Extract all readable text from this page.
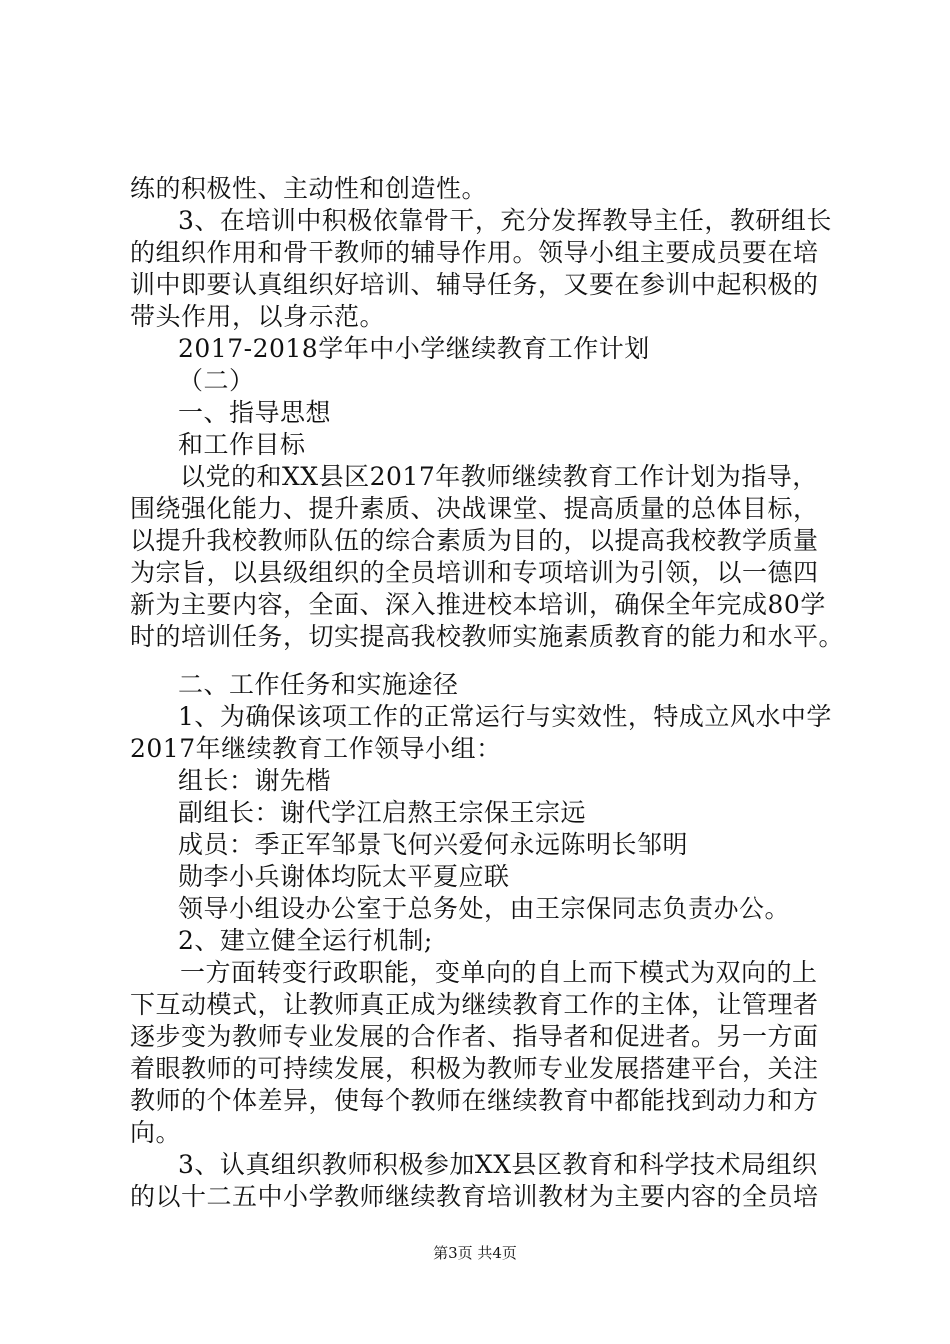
练的积极性、主动性和创造性。
3、在培训中积极依靠骨干，充分发挥教导主任，教研组长
的组织作用和骨干教师的辅导作用。领导小组主要成员要在培
训中即要认真组织好培训、辅导任务，又要在参训中起积极的
带头作用，以身示范。
2017-2018学年中小学继续教育工作计划
（二）
一、指导思想
和工作目标
以党的和XX县区2017年教师继续教育工作计划为指导，
围绕强化能力、提升素质、决战课堂、提高质量的总体目标，
以提升我校教师队伍的综合素质为目的，以提高我校教学质量
为宗旨，以县级组织的全员培训和专项培训为引领，以一德四
新为主要内容，全面、深入推进校本培训，确保全年完成80学
时的培训任务，切实提高我校教师实施素质教育的能力和水平。
二、工作任务和实施途径
1、为确保该项工作的正常运行与实效性，特成立风水中学
2017年继续教育工作领导小组：
组长：谢先楷
副组长：谢代学江启熬王宗保王宗远
成员：季正军邹景飞何兴爱何永远陈明长邹明
勋李小兵谢体均阮太平夏应联
领导小组设办公室于总务处，由王宗保同志负责办公。
2、建立健全运行机制;
一方面转变行政职能，变单向的自上而下模式为双向的上
下互动模式，让教师真正成为继续教育工作的主体，让管理者
逐步变为教师专业发展的合作者、指导者和促进者。另一方面
着眼教师的可持续发展，积极为教师专业发展搭建平台，关注
教师的个体差异，使每个教师在继续教育中都能找到动力和方
向。
3、认真组织教师积极参加XX县区教育和科学技术局组织
的以十二五中小学教师继续教育培训教材为主要内容的全员培
第3页 共4页
